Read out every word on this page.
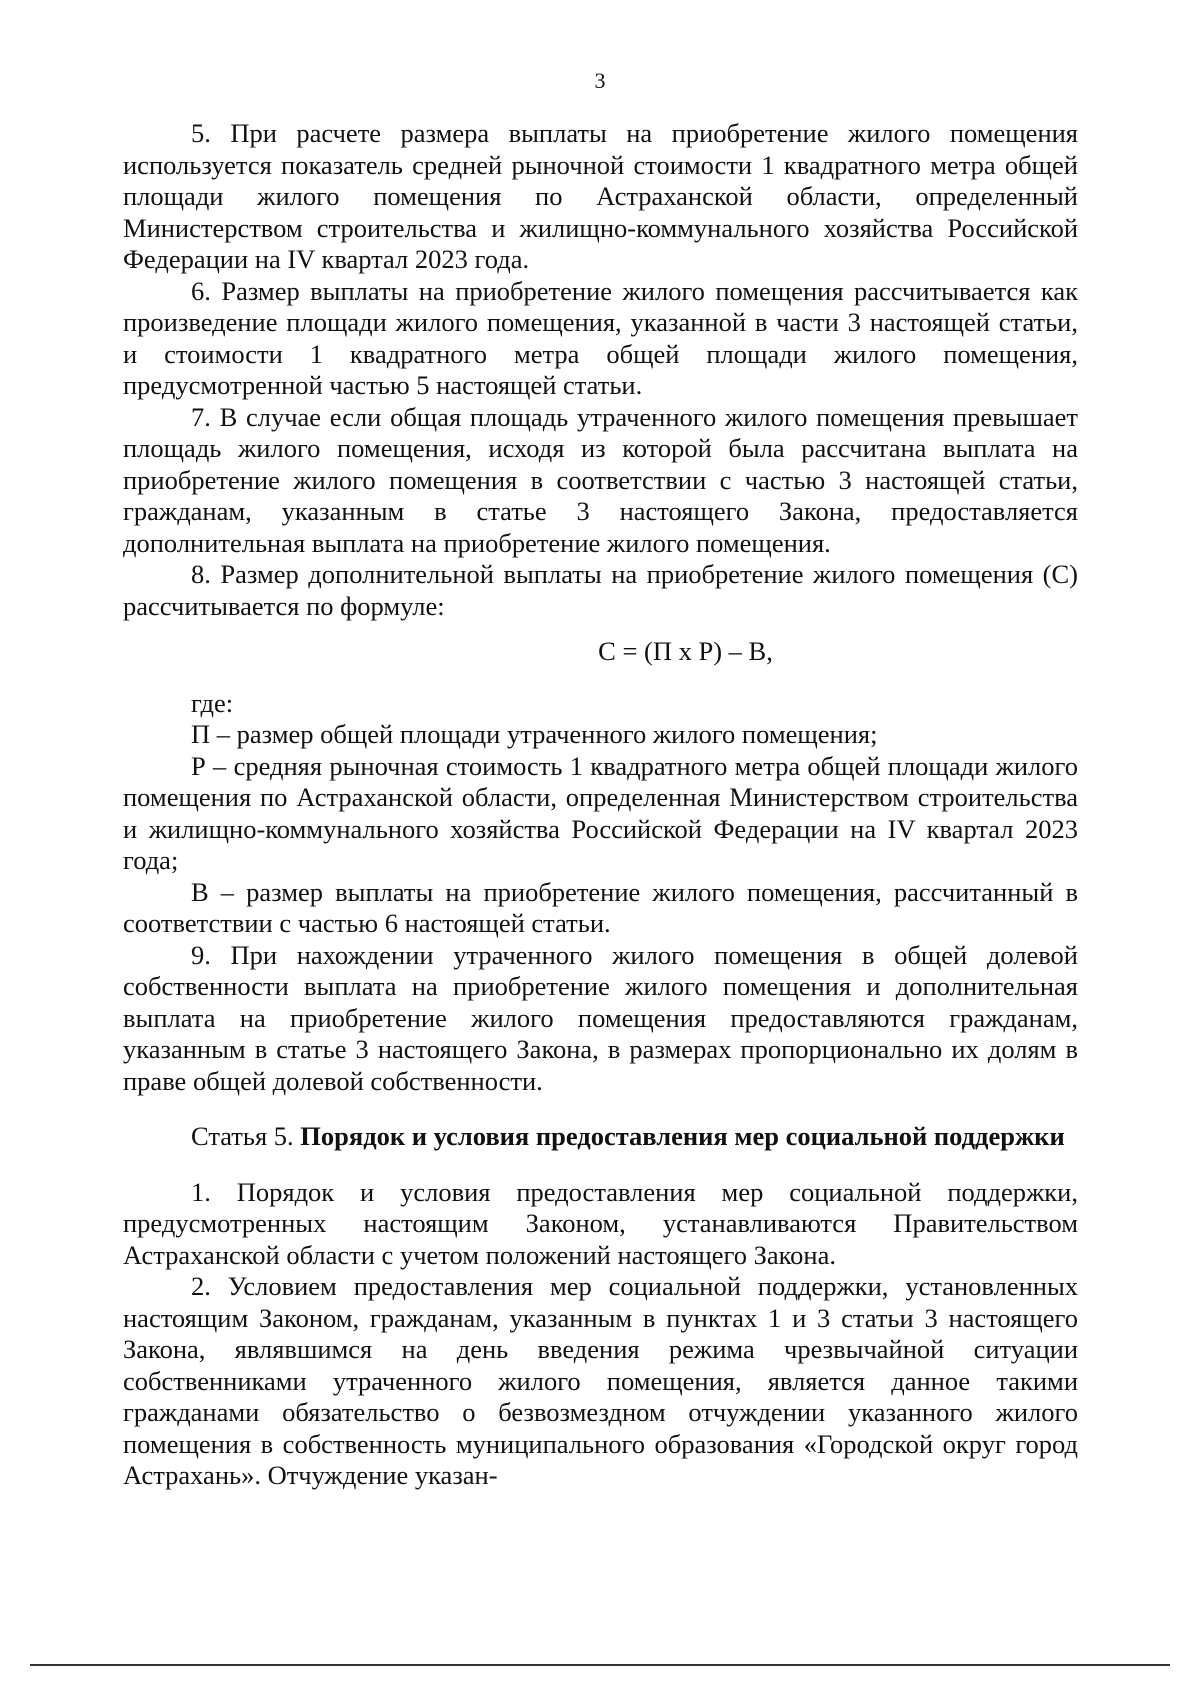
3

5. При расчете размера выплаты на приобретение жилого помещения используется показатель средней рыночной стоимости 1 квадратного метра общей площади жилого помещения по Астраханской области, определенный Министерством строительства и жилищно-коммунального хозяйства Российской Федерации на IV квартал 2023 года.

6. Размер выплаты на приобретение жилого помещения рассчитывается как произведение площади жилого помещения, указанной в части 3 настоящей статьи, и стоимости 1 квадратного метра общей площади жилого помещения, предусмотренной частью 5 настоящей статьи.

7. В случае если общая площадь утраченного жилого помещения превышает площадь жилого помещения, исходя из которой была рассчитана выплата на приобретение жилого помещения в соответствии с частью 3 настоящей статьи, гражданам, указанным в статье 3 настоящего Закона, предоставляется дополнительная выплата на приобретение жилого помещения.

8. Размер дополнительной выплаты на приобретение жилого помещения (С) рассчитывается по формуле:

С = (П х Р) – В,

где:

П – размер общей площади утраченного жилого помещения;

Р – средняя рыночная стоимость 1 квадратного метра общей площади жилого помещения по Астраханской области, определенная Министерством строительства и жилищно-коммунального хозяйства Российской Федерации на IV квартал 2023 года;

В – размер выплаты на приобретение жилого помещения, рассчитанный в соответствии с частью 6 настоящей статьи.

9. При нахождении утраченного жилого помещения в общей долевой собственности выплата на приобретение жилого помещения и дополнительная выплата на приобретение жилого помещения предоставляются гражданам, указанным в статье 3 настоящего Закона, в размерах пропорционально их долям в праве общей долевой собственности.

Статья 5. Порядок и условия предоставления мер социальной поддержки

1. Порядок и условия предоставления мер социальной поддержки, предусмотренных настоящим Законом, устанавливаются Правительством Астраханской области с учетом положений настоящего Закона.

2. Условием предоставления мер социальной поддержки, установленных настоящим Законом, гражданам, указанным в пунктах 1 и 3 статьи 3 настоящего Закона, являвшимся на день введения режима чрезвычайной ситуации собственниками утраченного жилого помещения, является данное такими гражданами обязательство о безвозмездном отчуждении указанного жилого помещения в собственность муниципального образования «Городской округ город Астрахань». Отчуждение указан-
